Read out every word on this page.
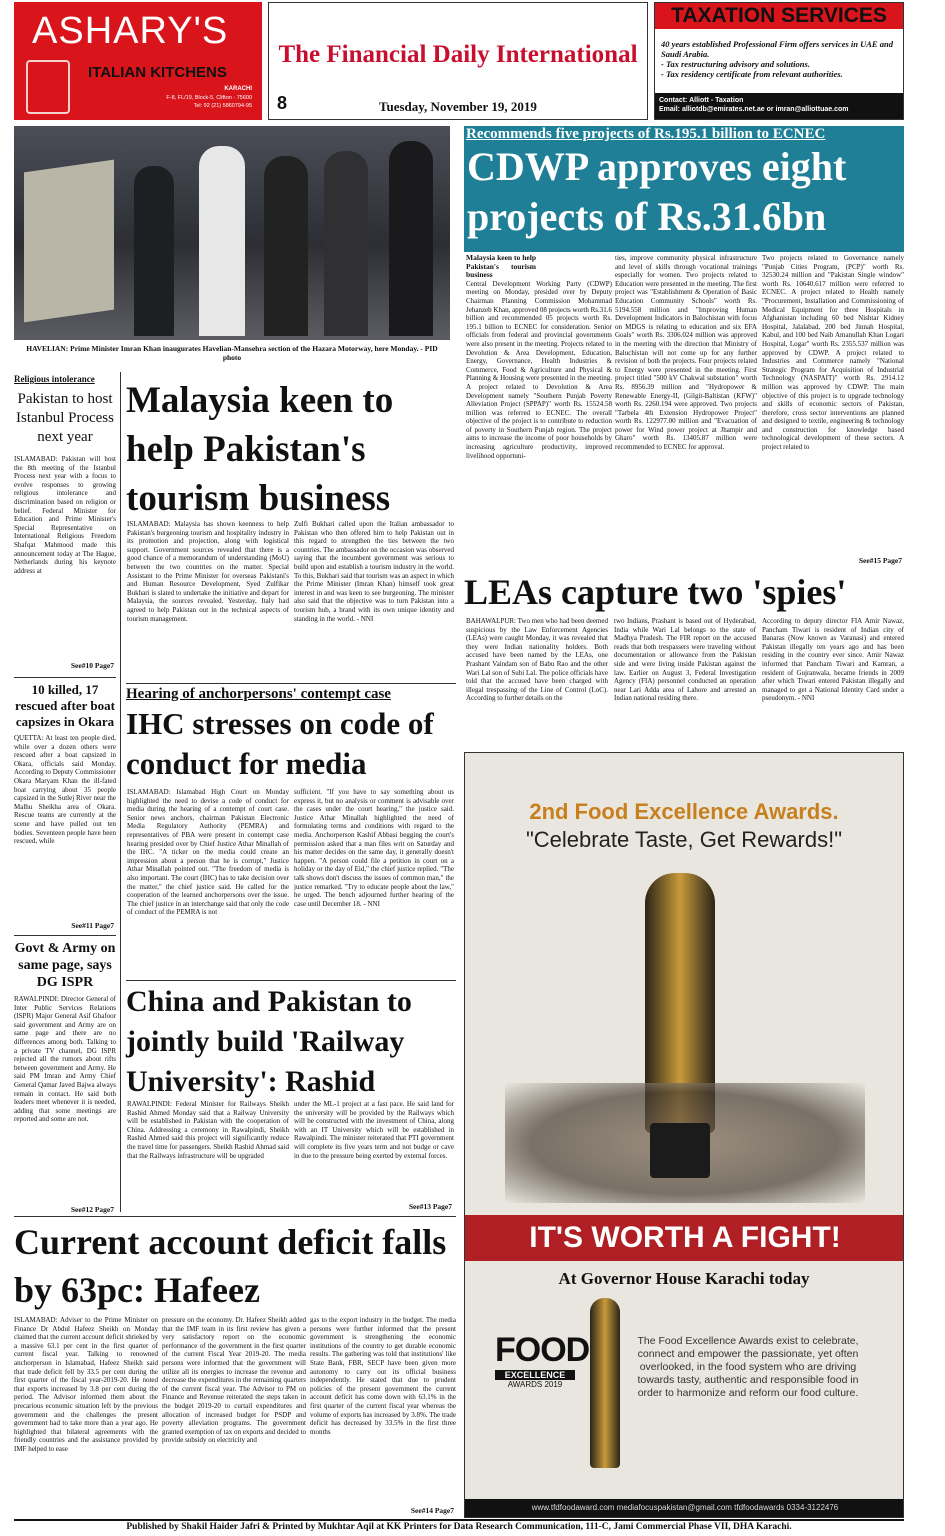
ASHARY'S
ITALIAN KITCHENS
KARACHI
F-8, FL/19, Block-5, Clifton - 75600
Tel: 92 (21) 5860794-95
The Financial Daily International
8	Tuesday, November 19, 2019
TAXATION SERVICES
40 years established Professional Firm offers services in UAE and Saudi Arabia.
- Tax restructuring advisory and solutions.
- Tax residency certificate from relevant authorities.
Contact: Alliott - Taxation
Email: alliotdb@emirates.net.ae or imran@alliottuae.com
HAVELIAN: Prime Minister Imran Khan inaugurates Havelian-Mansehra section of the Hazara Motorway, here Monday. - PID photo
Recommends five projects of Rs.195.1 billion to ECNEC
CDWP approves eight projects of Rs.31.6bn
Malaysia keen to help Pakistan's tourism business
Central Development Working Party (CDWP) meeting on Monday, presided over by Deputy Chairman Planning Commission Mohammad Jehanzeb Khan, approved 08 projects worth Rs.31.6 billion and recommended 05 projects worth Rs. 195.1 billion to ECNEC for consideration. Senior officials from federal and provincial governments were also present in the meeting. Projects related to Devolution & Area Development, Education, Energy, Governance, Health Industries & Commerce, Food & Agriculture and Physical & Planning & Housing were presented in the meeting. A project related to Devolution & Area Development namely "Southern Punjab Poverty Alleviation Project (SPPAP)" worth Rs. 15524.58 million was referred to ECNEC. The overall objective of the project is to contribute to reduction of poverty in Southern Punjab region. The project aims to increase the income of poor households by increasing agriculture productivity, improved livelihood opportuni-
ties, improve community physical infrastructure and level of skills through vocational trainings especially for women. Two projects related to Education were presented in the meeting. The first project was "Establishment & Operation of Basic Education Community Schools" worth Rs. 5194.558 million and "Improving Human Development Indicators in Balochistan with focus on MDGS is relating to education and six EFA Goals" worth Rs. 3306.024 million was approved in the meeting with the direction that Ministry of Baluchistan will not come up for any further revision of both the projects. Four projects related to Energy were presented in the meeting. First project titled "500 kV Chakwal substation" worth Rs. 8956.39 million and "Hydropower & Renewable Energy-II, (Gilgit-Baltistan (KFW)" worth Rs. 2260.194 were approved. Two projects "Tarbela 4th Extension Hydropower Project" worth Rs. 122977.00 million and "Evacuation of power for Wind power project at Jhampir and Gharo" worth Rs. 13405.87 million were recommended to ECNEC for approval.
Two projects related to Governance namely "Punjab Cities Program, (PCP)" worth Rs. 32530.24 million and "Pakistan Single window" worth Rs. 10640.617 million were referred to ECNEC. A project related to Health namely "Procurement, Installation and Commissioning of Medical Equipment for three Hospitals in Afghanistan including 60 bed Nishtar Kidney Hospital, Jalalabad, 200 bed Jinnah Hospital, Kabul, and 100 bed Naib Amanullah Khan Logari Hospital, Logar" worth Rs. 2355.537 million was approved by CDWP. A project related to Industries and Commerce namely "National Strategic Program for Acquisition of Industrial Technology (NASPAIT)" worth Rs. 2914.12 million was approved by CDWP. The main objective of this project is to upgrade technology and skills of economic sectors of Pakistan, therefore, cross sector interventions are planned and designed to textile, engineering & technology and construction for knowledge based technological development of these sectors. A project related to
See#15 Page7
Religious intolerance
Pakistan to host Istanbul Process next year
ISLAMABAD: Pakistan will host the 8th meeting of the Istanbul Process next year with a focus to evolve responses to growing religious intolerance and discrimination based on religion or belief. Federal Minister for Education and Prime Minister's Special Representative on International Religious Freedom Shafqat Mahmood made this announcement today at The Hague, Netherlands during his keynote address at
See#10 Page7
10 killed, 17 rescued after boat capsizes in Okara
QUETTA: At least ten people died, while over a dozen others were rescued after a boat capsized in Okara, officials said Monday. According to Deputy Commissioner Okara Maryam Khan the ill-fated boat carrying about 35 people capsized in the Sutlej River near the Malhu Sheikha area of Okara. Rescue teams are currently at the scene and have pulled out ten bodies. Seventeen people have been rescued, while
See#11 Page7
Govt & Army on same page, says DG ISPR
RAWALPINDI: Director General of Inter Public Services Relations (ISPR) Major General Asif Ghafoor said government and Army are on same page and there are no differences among both. Talking to a private TV channel, DG ISPR rejected all the rumors about rifts between government and Army. He said PM Imran and Army Chief General Qamar Javed Bajwa always remain in contact. He said both leaders meet whenever it is needed, adding that some meetings are reported and some are not.
See#12 Page7
Malaysia keen to help Pakistan's tourism business
ISLAMABAD: Malaysia has shown keenness to help Pakistan's burgeoning tourism and hospitality industry in its promotion and projection, along with logistical support. Government sources revealed that there is a good chance of a memorandum of understanding (MoU) between the two countries on the matter. Special Assistant to the Prime Minister for overseas Pakistani's and Human Resource Development, Syed Zulfikar Bukhari is slated to undertake the initiative and depart for Malaysia, the sources revealed. Yesterday, Italy had agreed to help Pakistan out in the technical aspects of tourism management.
Zulfi Bukhari called upon the Italian ambassador to Pakistan who then offered him to help Pakistan out in this regard to strengthen the ties between the two countries. The ambassador on the occasion was observed saying that the incumbent government was serious to build upon and establish a tourism industry in the world. To this, Bukhari said that tourism was an aspect in which the Prime Minister (Imran Khan) himself took great interest in and was keen to see burgeoning. The minister also said that the objective was to turn Pakistan into a tourism hub, a brand with its own unique identity and standing in the world. - NNI
Hearing of anchorpersons' contempt case
IHC stresses on code of conduct for media
ISLAMABAD: Islamabad High Court on Monday highlighted the need to devise a code of conduct for media during the hearing of a contempt of court case. Senior news anchors, chairman Pakistan Electronic Media Regulatory Authority (PEMRA) and representatives of PBA were present in contempt case hearing presided over by Chief Justice Athar Minallah of the IHC. "A ticker on the media could create an impression about a person that he is corrupt," Justice Athar Minallah pointed out. "The freedom of media is also important. The court (IHC) has to take decision over the matter," the chief justice said. He called for the cooperation of the learned anchorpersons over the issue. The chief justice in an interchange said that only the code of conduct of the PEMRA is not
sufficient. "If you have to say something about us express it, but no analysis or comment is advisable over the cases under the court hearing," the justice said. Justice Athar Minallah highlighted the need of formulating terms and conditions with regard to the media. Anchorperson Kashif Abbasi begging the court's permission asked that a man files writ on Saturday and his matter decides on the same day, it generally doesn't happen. "A person could file a petition in court on a holiday or the day of Eid," the chief justice replied. "The talk shows don't discuss the issues of common man," the justice remarked. "Try to educate people about the law," he urged. The bench adjourned further hearing of the case until December 18. - NNI
China and Pakistan to jointly build 'Railway University': Rashid
RAWALPINDI: Federal Minister for Railways Sheikh Rashid Ahmed Monday said that a Railway University will be established in Pakistan with the cooperation of China. Addressing a ceremony in Rawalpindi, Sheikh Rashid Ahmed said this project will significantly reduce the travel time for passengers. Sheikh Rashid Ahmad said that the Railways infrastructure will be upgraded
under the ML-1 project at a fast pace. He said land for the university will be provided by the Railways which will be constructed with the investment of China, along with an IT University which will be established in Rawalpindi. The minister reiterated that PTI government will complete its five years term and not budge or cave in due to the pressure being exerted by external forces.
See#13 Page7
LEAs capture two 'spies'
BAHAWALPUR: Two men who had been deemed suspicious by the Law Enforcement Agencies (LEAs) were caught Monday, it was revealed that they were Indian nationality holders. Both accused have been named by the LEAs, one Prashant Vaindam son of Babu Rao and the other Wari Lal son of Subi Lal. The police officials have told that the accused have been charged with illegal trespassing of the Line of Control (LoC). According to further details on the
two Indians, Prashant is based out of Hyderabad, India while Wari Lal belongs to the state of Madhya Pradesh. The FIR report on the accused reads that both trespassers were traveling without documentation or allowance from the Pakistan side and were living inside Pakistan against the law. Earlier on August 3, Federal Investigation Agency (FIA) personnel conducted an operation near Lari Adda area of Lahore and arrested an Indian national residing there.
According to deputy director FIA Amir Nawaz, Pancham Tiwari is resident of Indian city of Banaras (Now known as Varanasi) and entered Pakistan illegally ten years ago and has been residing in the country ever since. Amir Nawaz informed that Pancham Tiwari and Kamran, a resident of Gujranwala, became friends in 2009 after which Tiwari entered Pakistan illegally and managed to get a National Identity Card under a pseudonym. - NNI
2nd Food Excellence Awards.
"Celebrate Taste, Get Rewards!"
IT'S WORTH A FIGHT!
At Governor House Karachi today
FOOD
EXCELLENCE
AWARDS 2019
The Food Excellence Awards exist to celebrate, connect and empower the passionate, yet often overlooked, in the food system who are driving towards tasty, authentic and responsible food in order to harmonize and reform our food culture.
www.tfdfoodaward.com mediafocuspakistan@gmail.com tfdfoodawards 0334-3122476
Current account deficit falls by 63pc: Hafeez
ISLAMABAD: Adviser to the Prime Minister on Finance Dr Abdul Hafeez Sheikh on Monday claimed that the current account deficit shrieked by a massive 63.1 per cent in the first quarter of current fiscal year. Talking to renowned anchorperson in Islamabad, Hafeez Sheikh said that trade deficit fell by 33.5 per cent during the first quarter of the fiscal year-2019-20. He noted that exports increased by 3.8 per cent during the period. The Advisor informed them about the precarious economic situation left by the previous government and the challenges the present government had to take more than a year ago. He highlighted that bilateral agreements with the friendly countries and the assistance provided by IMF helped to ease
pressure on the economy. Dr. Hafeez Sheikh added that the IMF team in its first review has given a very satisfactory report on the economic performance of the government in the first quarter of the current Fiscal Year 2019-20. The media persons were informed that the government will utilize all its energies to increase the revenue and decrease the expenditures in the remaining quarters of the current fiscal year. The Advisor to PM on Finance and Revenue reiterated the steps taken in the budget 2019-20 to curtail expenditures and allocation of increased budget for PSDP and poverty alleviation programs. The government granted exemption of tax on exports and decided to provide subsidy on electricity and
gas to the export industry in the budget. The media persons were further informed that the present government is strengthening the economic institutions of the country to get durable economic results. The gathering was told that institutions' like State Bank, FBR, SECP have been given more autonomy to carry out its official business independently. He stated that due to prudent policies of the present government the current account deficit has come down with 63.1% in the first quarter of the current fiscal year whereas the volume of exports has increased by 3.8%. The trade deficit has decreased by 33.5% in the first three months
See#14 Page7
Published by Shakil Haider Jafri & Printed by Mukhtar Aqil at KK Printers for Data Research Communication, 111-C, Jami Commercial Phase VII, DHA Karachi.
